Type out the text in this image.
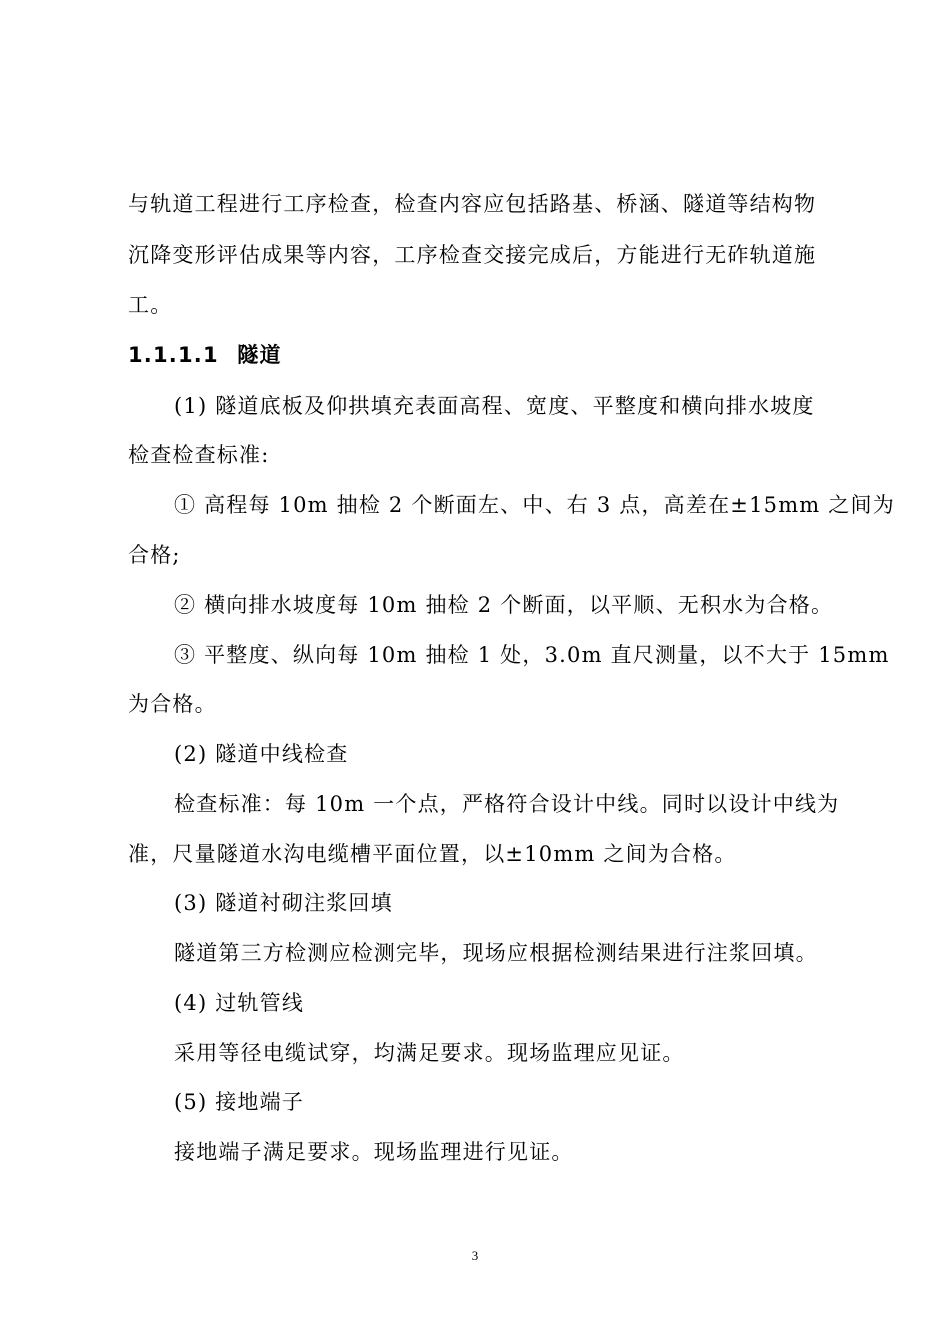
与轨道工程进行工序检查，检查内容应包括路基、桥涵、隧道等结构物
沉降变形评估成果等内容，工序检查交接完成后，方能进行无砟轨道施
工。
1.1.1.1 隧道
(1) 隧道底板及仰拱填充表面高程、宽度、平整度和横向排水坡度
检查检查标准:
① 高程每 10m 抽检 2 个断面左、中、右 3 点，高差在±15mm 之间为
合格;
② 横向排水坡度每 10m 抽检 2 个断面，以平顺、无积水为合格。
③ 平整度、纵向每 10m 抽检 1 处，3.0m 直尺测量，以不大于 15mm
为合格。
(2) 隧道中线检查
检查标准：每 10m 一个点，严格符合设计中线。同时以设计中线为
准，尺量隧道水沟电缆槽平面位置，以±10mm 之间为合格。
(3) 隧道衬砌注浆回填
隧道第三方检测应检测完毕，现场应根据检测结果进行注浆回填。
(4) 过轨管线
采用等径电缆试穿，均满足要求。现场监理应见证。
(5) 接地端子
接地端子满足要求。现场监理进行见证。
3
